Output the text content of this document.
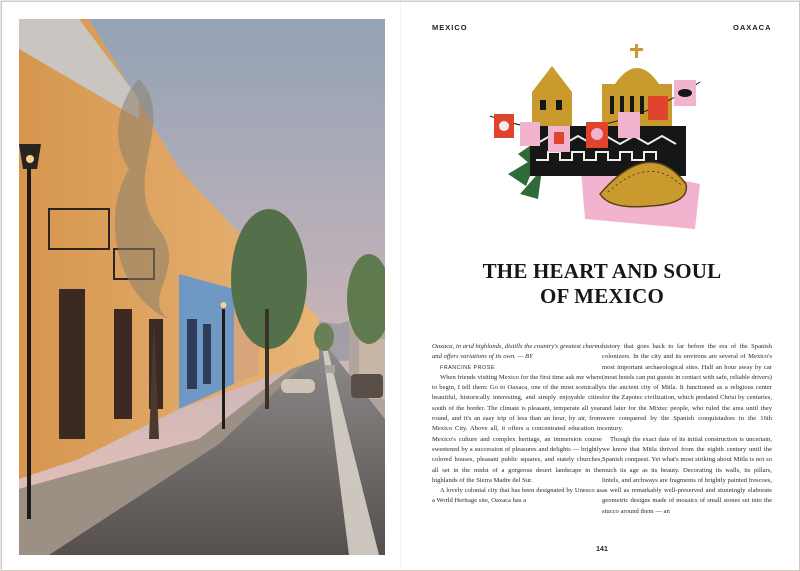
MEXICO	OAXACA
THE HEART AND SOUL
OF MEXICO

Oaxaca, in arid highlands, distills the country's greatest charms and offers variations of its own. — BY

FRANCINE PROSE

When friends visiting Mexico for the first time ask me where to begin, I tell them: Go to Oaxaca, one of the most scenically beautiful, historically interesting, and simply enjoyable cities south of the border. The climate is pleasant, temperate all year round, and it's an easy trip of less than an hour, by air, from Mexico City. Above all, it offers a concentrated education in Mexico's culture and complex heritage, an immersion course sweetened by a succession of pleasures and delights — brightly colored houses, pleasant public squares, and stately churches, all set in the midst of a gorgeous desert landscape in the highlands of the Sierra Madre del Sur.

A lovely colonial city that has been designated by Unesco as a World Heritage site, Oaxaca has a

history that goes back to far before the era of the Spanish colonizers. In the city and its environs are several of Mexico's most important archaeological sites. Half an hour away by car (most hotels can put guests in contact with safe, reliable drivers) is the ancient city of Mitla. It functioned as a religious center for the Zapotec civilization, which predated Christ by centuries, and later for the Mixtec people, who ruled the area until they were conquered by the Spanish conquistadors in the 16th century.

Though the exact date of its initial construction is uncertain, we know that Mitla thrived from the eighth century until the Spanish conquest. Yet what's most striking about Mitla is not so much its age as its beauty. Decorating its walls, its pillars, lintels, and archways are fragments of brightly painted frescoes, as well as remarkably well-preserved and stunningly elaborate geometric designs made of mosaics of small stones set into the stucco around them — an

141
